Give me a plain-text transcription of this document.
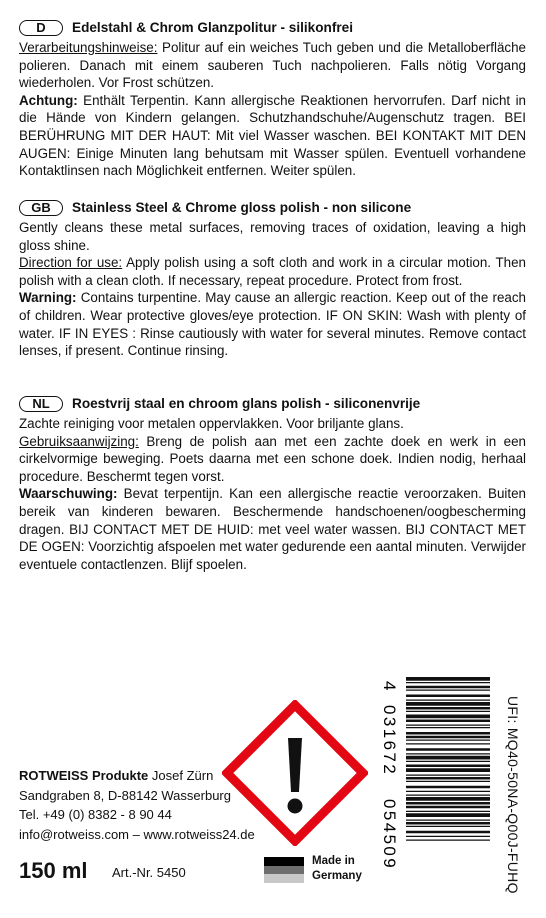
D	Edelstahl & Chrom Glanzpolitur - silikonfrei

Verarbeitungshinweise: Politur auf ein weiches Tuch geben und die Metalloberfläche polieren. Danach mit einem sauberen Tuch nachpolieren. Falls nötig Vorgang wiederholen. Vor Frost schützen.

Achtung: Enthält Terpentin. Kann allergische Reaktionen hervorrufen. Darf nicht in die Hände von Kindern gelangen. Schutzhandschuhe/Augenschutz tragen. BEI BERÜHRUNG MIT DER HAUT: Mit viel Wasser waschen. BEI KONTAKT MIT DEN AUGEN: Einige Minuten lang behutsam mit Wasser spülen. Eventuell vorhandene Kontaktlinsen nach Möglichkeit entfernen. Weiter spülen.

GB	Stainless Steel & Chrome gloss polish - non silicone

Gently cleans these metal surfaces, removing traces of oxidation, leaving a high gloss shine.

Direction for use: Apply polish using a soft cloth and work in a circular motion. Then polish with a clean cloth. If necessary, repeat procedure. Protect from frost.

Warning: Contains turpentine. May cause an allergic reaction. Keep out of the reach of children. Wear protective gloves/eye protection. IF ON SKIN: Wash with plenty of water. IF IN EYES : Rinse cautiously with water for several minutes. Remove contact lenses, if present. Continue rinsing.

NL	Roestvrij staal en chroom glans polish - siliconenvrije

Zachte reiniging voor metalen oppervlakken. Voor briljante glans.

Gebruiksaanwijzing: Breng de polish aan met een zachte doek en werk in een cirkelvormige beweging. Poets daarna met een schone doek. Indien nodig, herhaal procedure. Beschermt tegen vorst.

Waarschuwing: Bevat terpentijn. Kan een allergische reactie veroorzaken. Buiten bereik van kinderen bewaren. Beschermende handschoenen/oogbescherming dragen. BIJ CONTACT MET DE HUID: met veel water wassen. BIJ CONTACT MET DE OGEN: Voorzichtig afspoelen met water gedurende een aantal minuten. Verwijder eventuele contactlenzen. Blijf spoelen.

ROTWEISS Produkte Josef Zürn
Sandgraben 8, D-88142 Wasserburg
Tel. +49 (0) 8382 - 8 90 44
info@rotweiss.com – www.rotweiss24.de
150 ml Art.-Nr. 5450
Made in
Germany
4
031672
054509	UFI: MQ40-50NA-Q00J-FUHQ
